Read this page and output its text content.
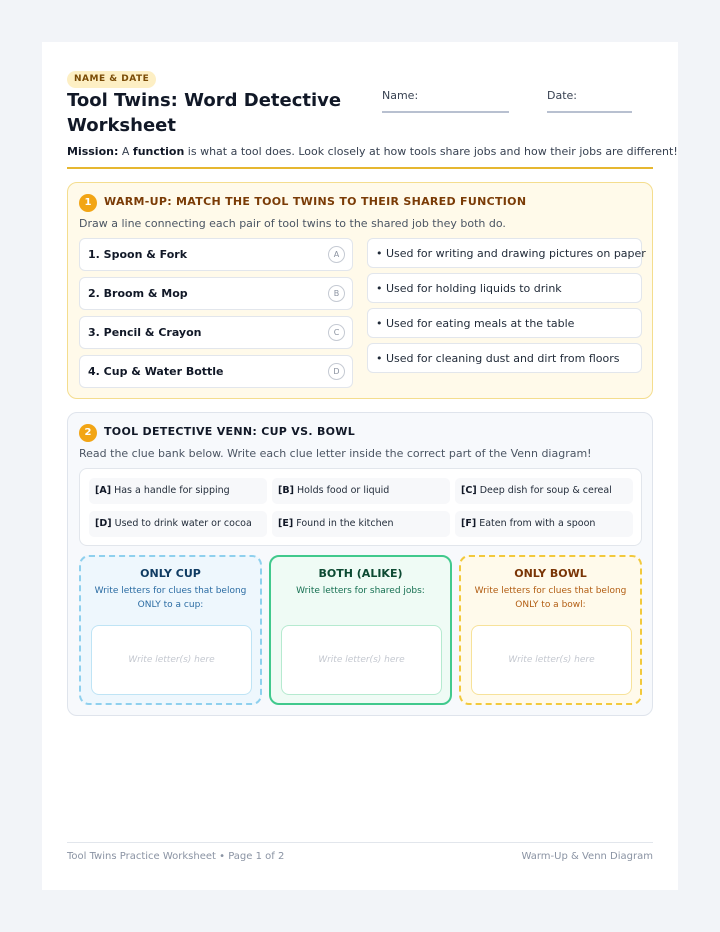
NAME & DATE
Tool Twins: Word Detective Worksheet
Name:	Date:
Mission: A function is what a tool does. Look closely at how tools share jobs and how their jobs are different!
1	WARM-UP: MATCH THE TOOL TWINS TO THEIR SHARED FUNCTION
Draw a line connecting each pair of tool twins to the shared job they both do.
1. Spoon & Fork	A
2. Broom & Mop	B
3. Pencil & Crayon	C
4. Cup & Water Bottle	D
• Used for writing and drawing pictures on paper
• Used for holding liquids to drink
• Used for eating meals at the table
• Used for cleaning dust and dirt from floors
2	TOOL DETECTIVE VENN: CUP VS. BOWL
Read the clue bank below. Write each clue letter inside the correct part of the Venn diagram!
[A] Has a handle for sipping	[B] Holds food or liquid	[C] Deep dish for soup & cereal
[D] Used to drink water or cocoa	[E] Found in the kitchen	[F] Eaten from with a spoon
ONLY CUP
Write letters for clues that belong ONLY to a cup:
Write letter(s) here
BOTH (ALIKE)
Write letters for shared jobs:
Write letter(s) here
ONLY BOWL
Write letters for clues that belong ONLY to a bowl:
Write letter(s) here
Tool Twins Practice Worksheet • Page 1 of 2	Warm-Up & Venn Diagram
